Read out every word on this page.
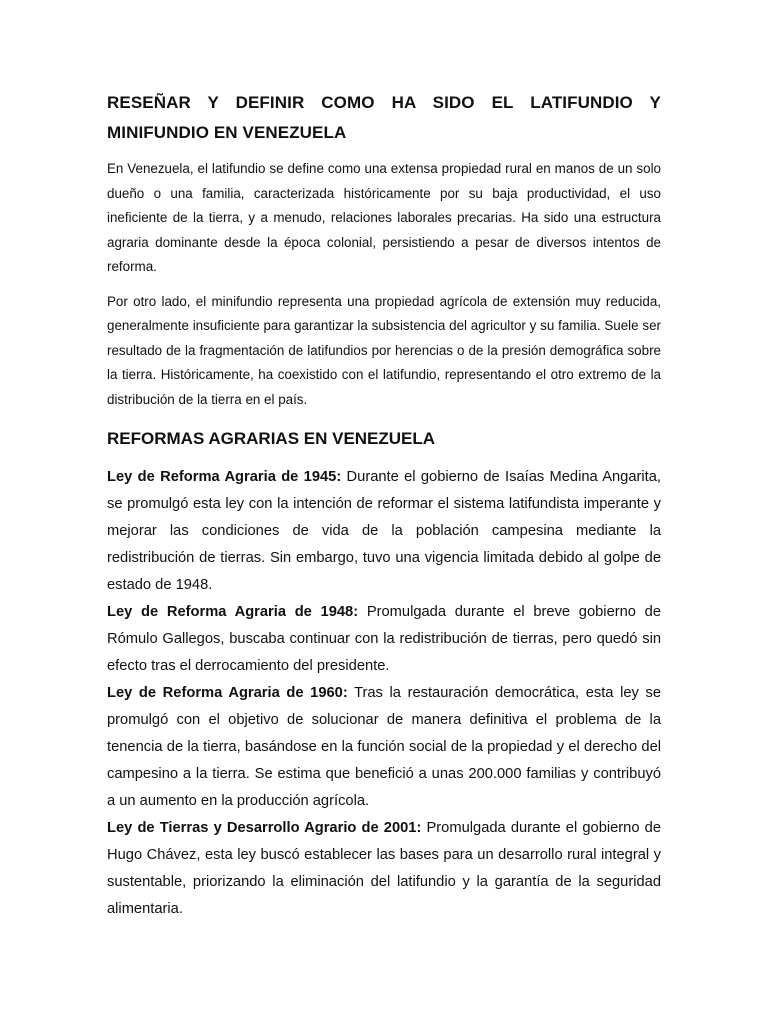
RESEÑAR Y DEFINIR COMO HA SIDO EL LATIFUNDIO Y MINIFUNDIO EN VENEZUELA

En Venezuela, el latifundio se define como una extensa propiedad rural en manos de un solo dueño o una familia, caracterizada históricamente por su baja productividad, el uso ineficiente de la tierra, y a menudo, relaciones laborales precarias. Ha sido una estructura agraria dominante desde la época colonial, persistiendo a pesar de diversos intentos de reforma.

Por otro lado, el minifundio representa una propiedad agrícola de extensión muy reducida, generalmente insuficiente para garantizar la subsistencia del agricultor y su familia. Suele ser resultado de la fragmentación de latifundios por herencias o de la presión demográfica sobre la tierra. Históricamente, ha coexistido con el latifundio, representando el otro extremo de la distribución de la tierra en el país.

REFORMAS AGRARIAS EN VENEZUELA

Ley de Reforma Agraria de 1945: Durante el gobierno de Isaías Medina Angarita, se promulgó esta ley con la intención de reformar el sistema latifundista imperante y mejorar las condiciones de vida de la población campesina mediante la redistribución de tierras. Sin embargo, tuvo una vigencia limitada debido al golpe de estado de 1948.

Ley de Reforma Agraria de 1948: Promulgada durante el breve gobierno de Rómulo Gallegos, buscaba continuar con la redistribución de tierras, pero quedó sin efecto tras el derrocamiento del presidente.

Ley de Reforma Agraria de 1960: Tras la restauración democrática, esta ley se promulgó con el objetivo de solucionar de manera definitiva el problema de la tenencia de la tierra, basándose en la función social de la propiedad y el derecho del campesino a la tierra. Se estima que benefició a unas 200.000 familias y contribuyó a un aumento en la producción agrícola.

Ley de Tierras y Desarrollo Agrario de 2001: Promulgada durante el gobierno de Hugo Chávez, esta ley buscó establecer las bases para un desarrollo rural integral y sustentable, priorizando la eliminación del latifundio y la garantía de la seguridad alimentaria.
